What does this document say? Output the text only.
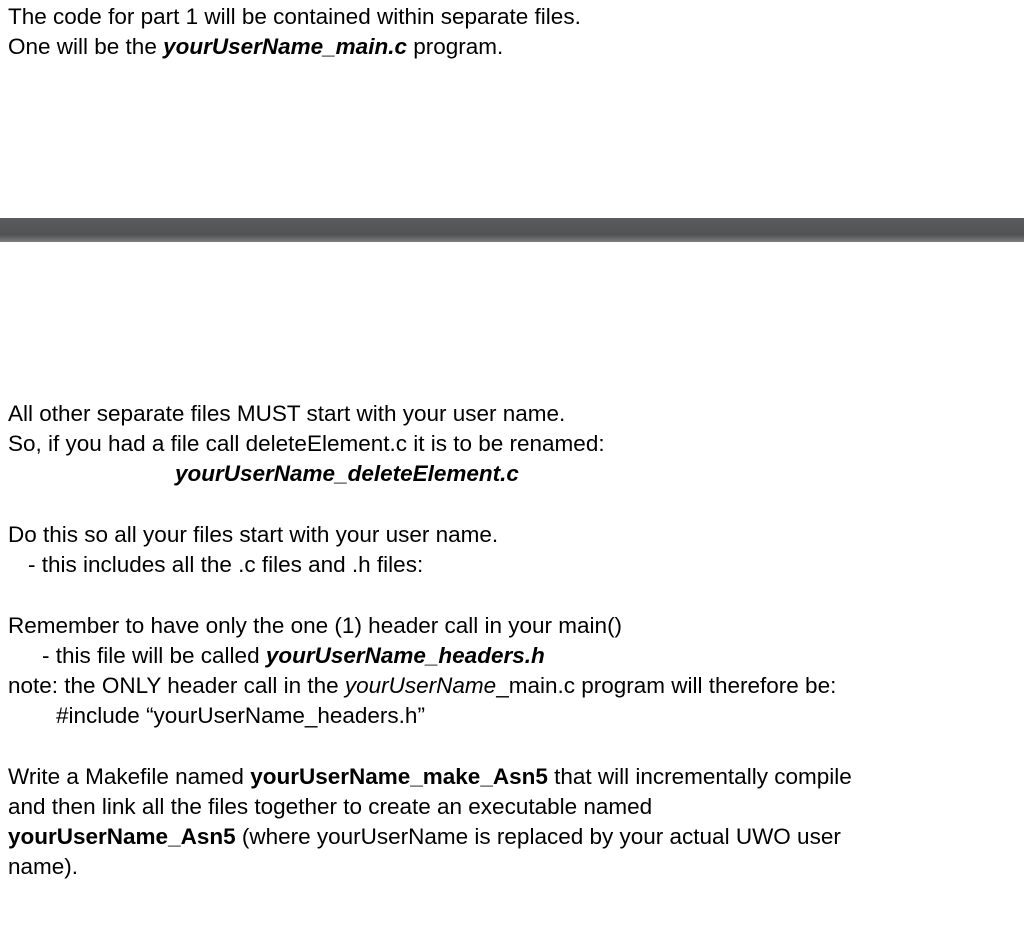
The code for part 1 will be contained within separate files.
One will be the yourUserName_main.c program.
All other separate files MUST start with your user name.
So, if you had a file call deleteElement.c it is to be renamed:
yourUserName_deleteElement.c
Do this so all your files start with your user name.
- this includes all the .c files and .h files:
Remember to have only the one (1) header call in your main()
- this file will be called yourUserName_headers.h
note: the ONLY header call in the yourUserName_main.c program will therefore be:
#include “yourUserName_headers.h”
Write a Makefile named yourUserName_make_Asn5 that will incrementally compile
and then link all the files together to create an executable named
yourUserName_Asn5 (where yourUserName is replaced by your actual UWO user
name).
